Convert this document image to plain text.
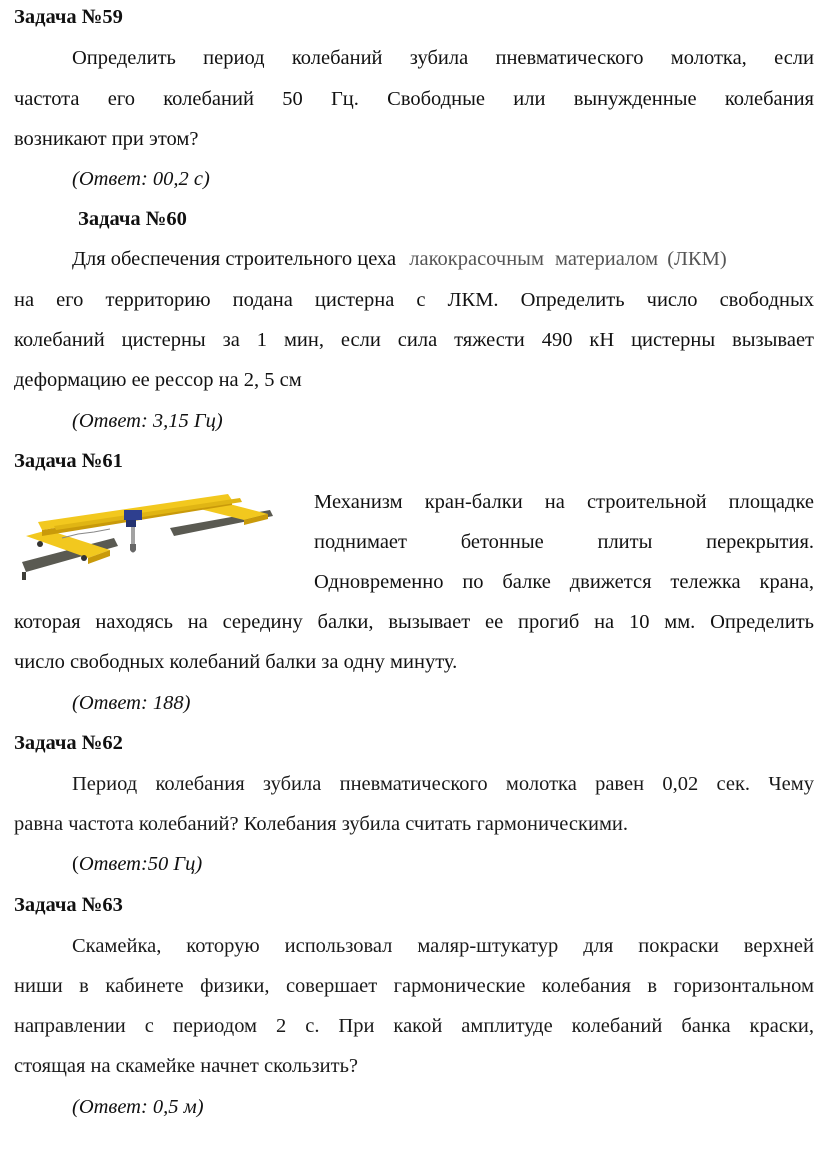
Задача №59
Определить период колебаний зубила пневматического молотка, если
частота его колебаний 50 Гц. Свободные или вынужденные колебания
возникают при этом?
(Ответ: 00,2 с)
Задача №60
Для обеспечения строительного цеха лакокрасочным материалом (ЛКМ)
на его территорию подана цистерна с ЛКМ. Определить число свободных
колебаний цистерны за 1 мин, если сила тяжести 490 кН цистерны вызывает
деформацию ее рессор на 2, 5 см
(Ответ: 3,15 Гц)
Задача №61
Механизм кран-балки на строительной площадке
поднимает бетонные плиты перекрытия.
Одновременно по балке движется тележка крана,
которая находясь на середину балки, вызывает ее прогиб на 10 мм. Определить
число свободных колебаний балки за одну минуту.
(Ответ: 188)
Задача №62
Период колебания зубила пневматического молотка равен 0,02 сек. Чему
равна частота колебаний? Колебания зубила считать гармоническими.
(Ответ:50 Гц)
Задача №63
Скамейка, которую использовал маляр-штукатур для покраски верхней
ниши в кабинете физики, совершает гармонические колебания в горизонтальном
направлении с периодом 2 с. При какой амплитуде колебаний банка краски,
стоящая на скамейке начнет скользить?
(Ответ: 0,5 м)
